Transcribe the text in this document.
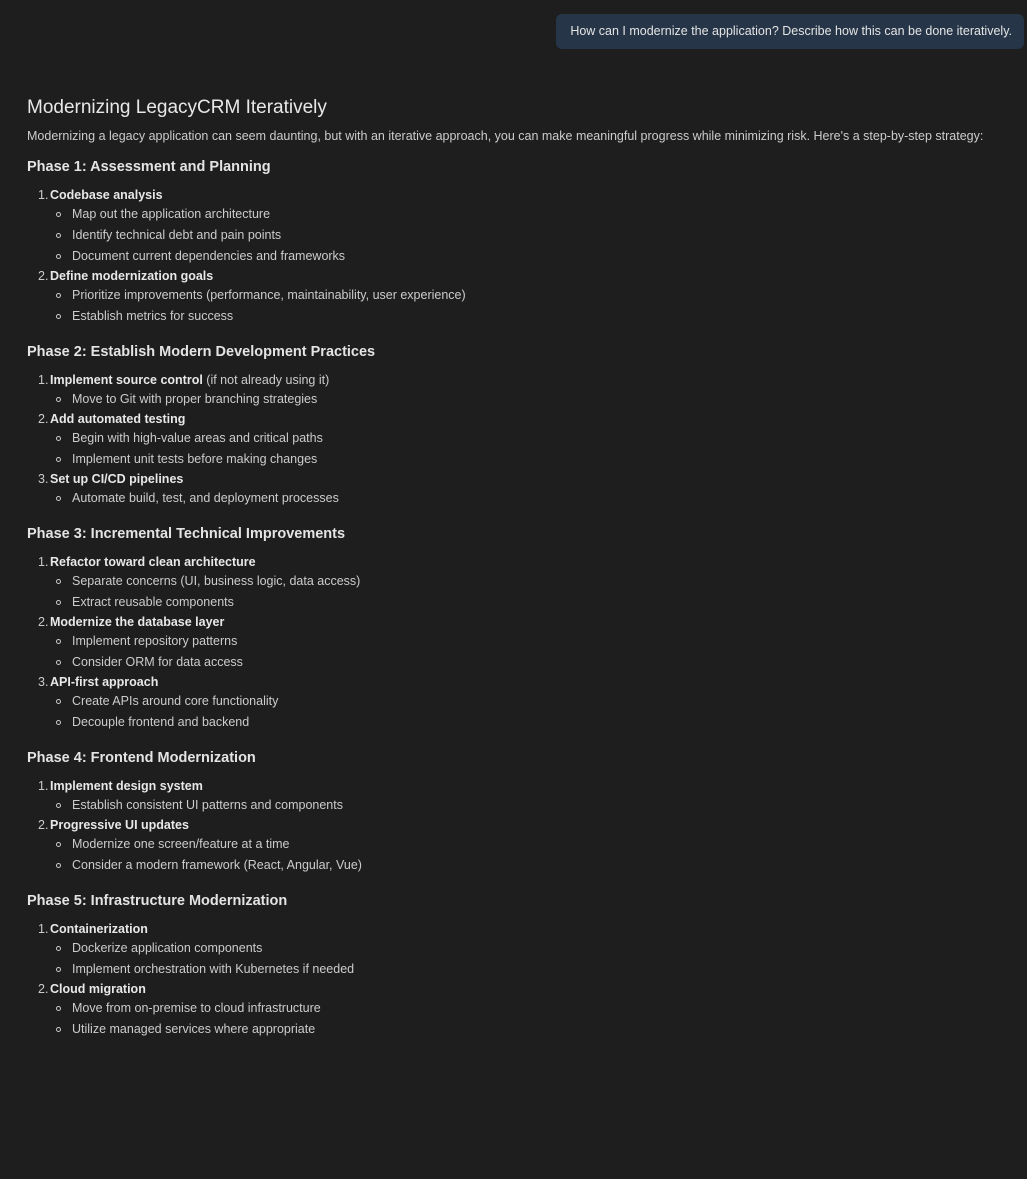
How can I modernize the application? Describe how this can be done iteratively.
Modernizing LegacyCRM Iteratively

Modernizing a legacy application can seem daunting, but with an iterative approach, you can make meaningful progress while minimizing risk. Here's a step-by-step strategy:

Phase 1: Assessment and Planning
1. Codebase analysis
Map out the application architecture
Identify technical debt and pain points
Document current dependencies and frameworks
2. Define modernization goals
Prioritize improvements (performance, maintainability, user experience)
Establish metrics for success
Phase 2: Establish Modern Development Practices
1. Implement source control (if not already using it)
Move to Git with proper branching strategies
2. Add automated testing
Begin with high-value areas and critical paths
Implement unit tests before making changes
3. Set up CI/CD pipelines
Automate build, test, and deployment processes
Phase 3: Incremental Technical Improvements
1. Refactor toward clean architecture
Separate concerns (UI, business logic, data access)
Extract reusable components
2. Modernize the database layer
Implement repository patterns
Consider ORM for data access
3. API-first approach
Create APIs around core functionality
Decouple frontend and backend
Phase 4: Frontend Modernization
1. Implement design system
Establish consistent UI patterns and components
2. Progressive UI updates
Modernize one screen/feature at a time
Consider a modern framework (React, Angular, Vue)
Phase 5: Infrastructure Modernization
1. Containerization
Dockerize application components
Implement orchestration with Kubernetes if needed
2. Cloud migration
Move from on-premise to cloud infrastructure
Utilize managed services where appropriate
